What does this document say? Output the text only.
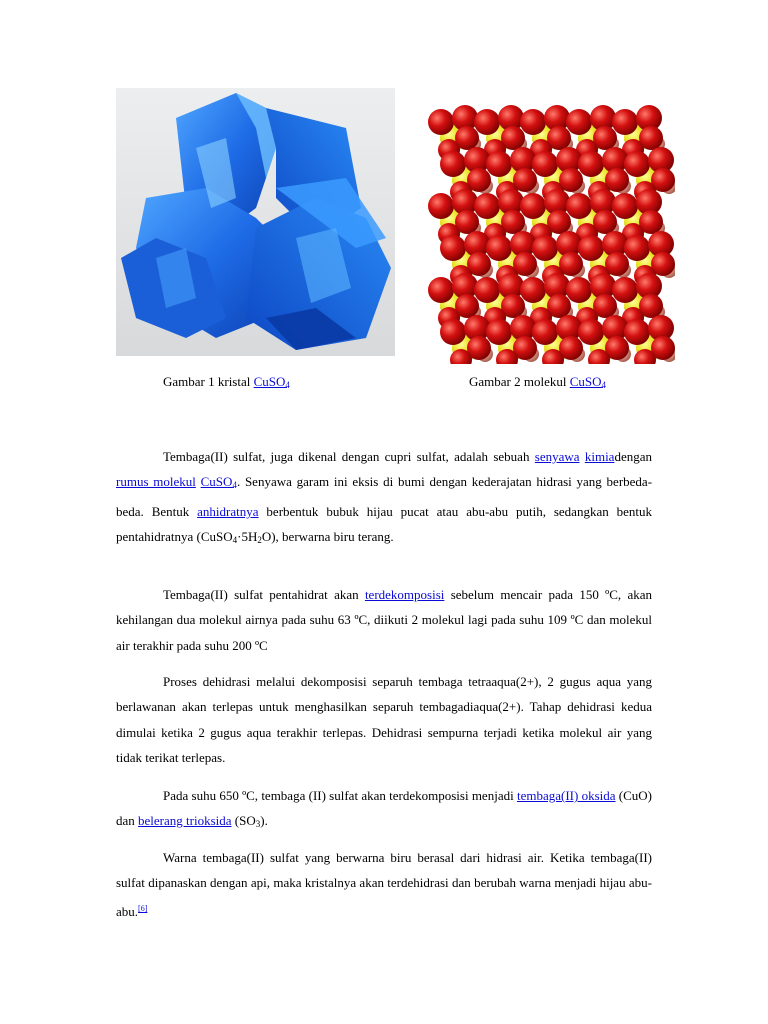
Gambar 1 kristal CuSO$_4$	Gambar 2 molekul CuSO$_4$

Tembaga(II) sulfat, juga dikenal dengan cupri sulfat, adalah sebuah senyawa kimiadengan rumus molekul CuSO$_4$. Senyawa garam ini eksis di bumi dengan kederajatan hidrasi yang berbeda-beda. Bentuk anhidratnya berbentuk bubuk hijau pucat atau abu-abu putih, sedangkan bentuk pentahidratnya $(CuSO_4\cdot 5H_2O)$, berwarna biru terang.

Tembaga(II) sulfat pentahidrat akan terdekomposisi sebelum mencair pada 150 ºC, akan kehilangan dua molekul airnya pada suhu 63 ºC, diikuti 2 molekul lagi pada suhu 109 ºC dan molekul air terakhir pada suhu 200 ºC

Proses dehidrasi melalui dekomposisi separuh tembaga tetraaqua(2+), 2 gugus aqua yang berlawanan akan terlepas untuk menghasilkan separuh tembagadiaqua(2+). Tahap dehidrasi kedua dimulai ketika 2 gugus aqua terakhir terlepas. Dehidrasi sempurna terjadi ketika molekul air yang tidak terikat terlepas.

Pada suhu 650 ºC, tembaga (II) sulfat akan terdekomposisi menjadi tembaga(II) oksida (CuO) dan belerang trioksida $(SO_3)$.

Warna tembaga(II) sulfat yang berwarna biru berasal dari hidrasi air. Ketika tembaga(II) sulfat dipanaskan dengan api, maka kristalnya akan terdehidrasi dan berubah warna menjadi hijau abu-abu.[6]
